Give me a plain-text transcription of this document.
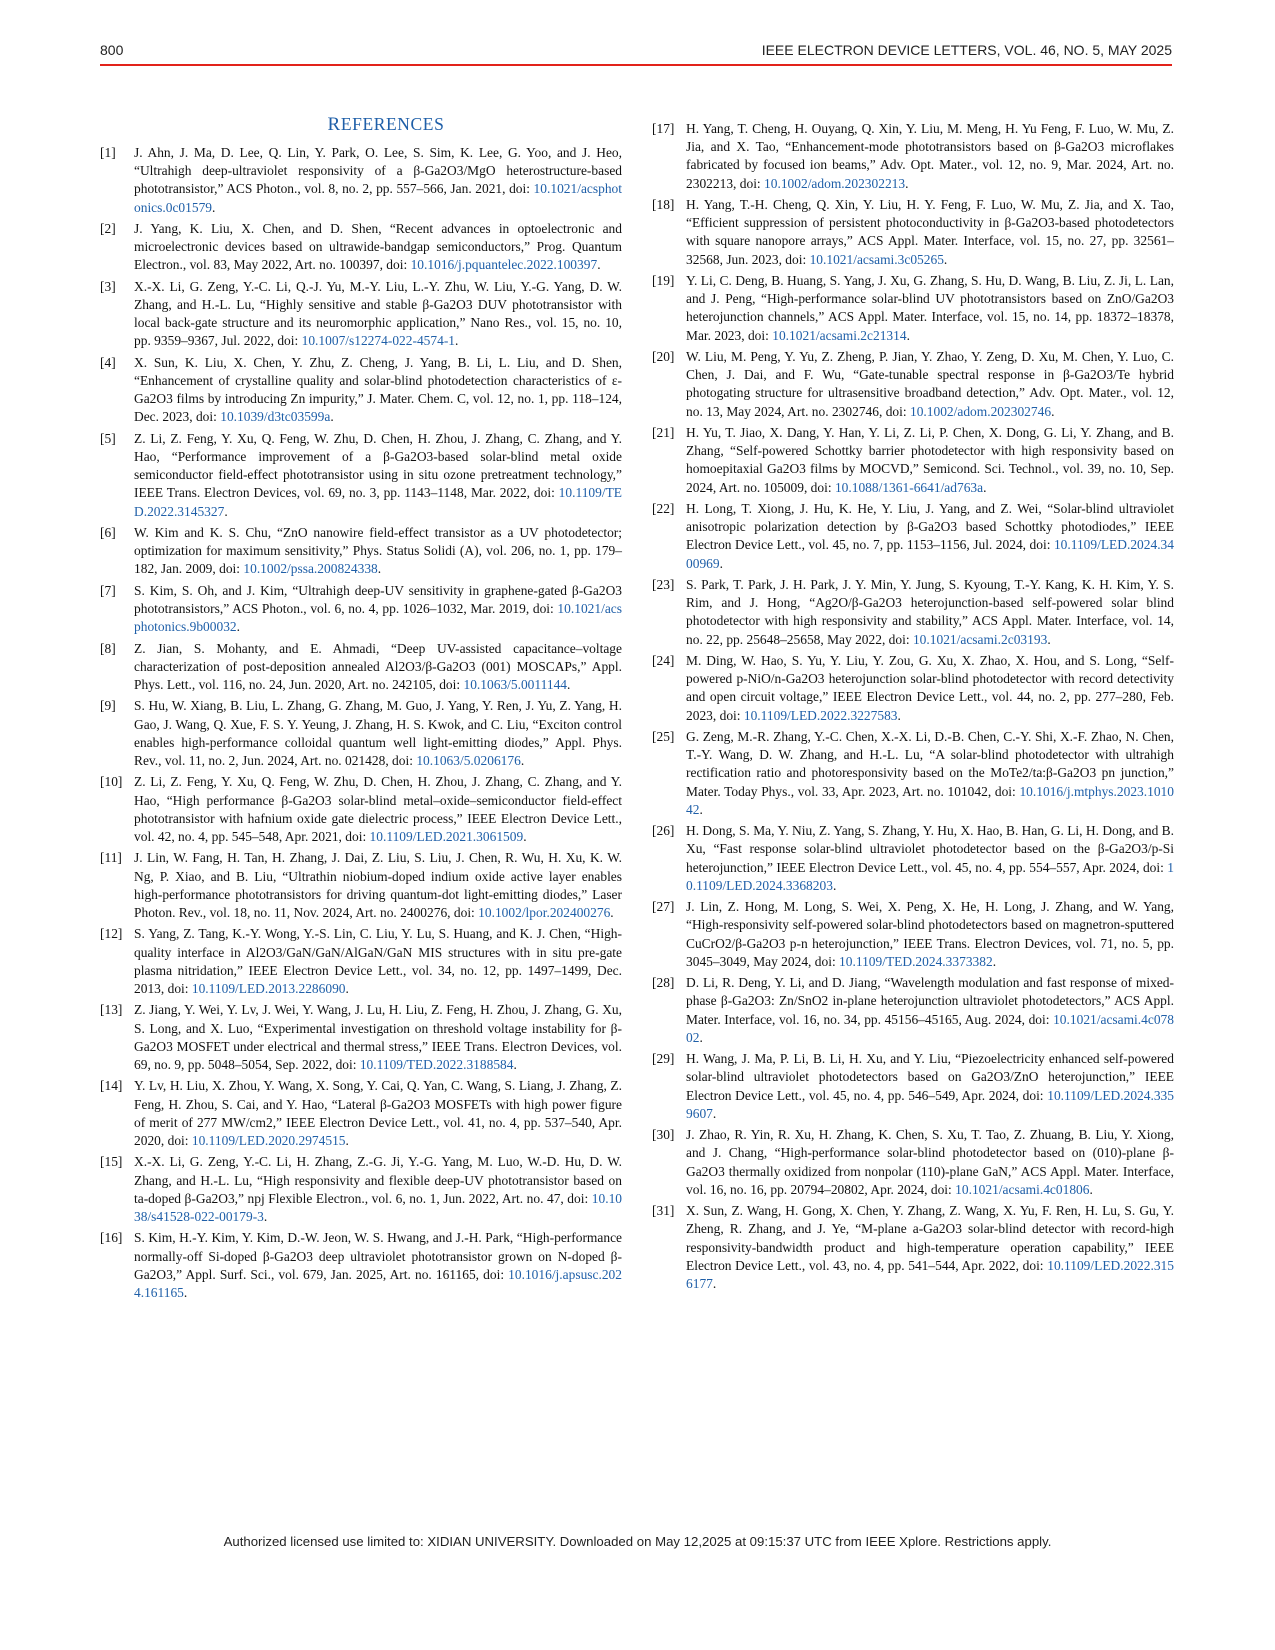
800	IEEE ELECTRON DEVICE LETTERS, VOL. 46, NO. 5, MAY 2025
REFERENCES
[1]	J. Ahn, J. Ma, D. Lee, Q. Lin, Y. Park, O. Lee, S. Sim, K. Lee, G. Yoo, and J. Heo, “Ultrahigh deep-ultraviolet responsivity of a β-Ga2O3/MgO heterostructure-based phototransistor,” ACS Photon., vol. 8, no. 2, pp. 557–566, Jan. 2021, doi: 10.1021/acsphotonics.0c01579.
[2]	J. Yang, K. Liu, X. Chen, and D. Shen, “Recent advances in optoelectronic and microelectronic devices based on ultrawide-bandgap semiconductors,” Prog. Quantum Electron., vol. 83, May 2022, Art. no. 100397, doi: 10.1016/j.pquantelec.2022.100397.
[3]	X.-X. Li, G. Zeng, Y.-C. Li, Q.-J. Yu, M.-Y. Liu, L.-Y. Zhu, W. Liu, Y.-G. Yang, D. W. Zhang, and H.-L. Lu, “Highly sensitive and stable β-Ga2O3 DUV phototransistor with local back-gate structure and its neuromorphic application,” Nano Res., vol. 15, no. 10, pp. 9359–9367, Jul. 2022, doi: 10.1007/s12274-022-4574-1.
[4]	X. Sun, K. Liu, X. Chen, Y. Zhu, Z. Cheng, J. Yang, B. Li, L. Liu, and D. Shen, “Enhancement of crystalline quality and solar-blind photodetection characteristics of ε-Ga2O3 films by introducing Zn impurity,” J. Mater. Chem. C, vol. 12, no. 1, pp. 118–124, Dec. 2023, doi: 10.1039/d3tc03599a.
[5]	Z. Li, Z. Feng, Y. Xu, Q. Feng, W. Zhu, D. Chen, H. Zhou, J. Zhang, C. Zhang, and Y. Hao, “Performance improvement of a β-Ga2O3-based solar-blind metal oxide semiconductor field-effect phototransistor using in situ ozone pretreatment technology,” IEEE Trans. Electron Devices, vol. 69, no. 3, pp. 1143–1148, Mar. 2022, doi: 10.1109/TED.2022.3145327.
[6]	W. Kim and K. S. Chu, “ZnO nanowire field-effect transistor as a UV photodetector; optimization for maximum sensitivity,” Phys. Status Solidi (A), vol. 206, no. 1, pp. 179–182, Jan. 2009, doi: 10.1002/pssa.200824338.
[7]	S. Kim, S. Oh, and J. Kim, “Ultrahigh deep-UV sensitivity in graphene-gated β-Ga2O3 phototransistors,” ACS Photon., vol. 6, no. 4, pp. 1026–1032, Mar. 2019, doi: 10.1021/acsphotonics.9b00032.
[8]	Z. Jian, S. Mohanty, and E. Ahmadi, “Deep UV-assisted capacitance–voltage characterization of post-deposition annealed Al2O3/β-Ga2O3 (001) MOSCAPs,” Appl. Phys. Lett., vol. 116, no. 24, Jun. 2020, Art. no. 242105, doi: 10.1063/5.0011144.
[9]	S. Hu, W. Xiang, B. Liu, L. Zhang, G. Zhang, M. Guo, J. Yang, Y. Ren, J. Yu, Z. Yang, H. Gao, J. Wang, Q. Xue, F. S. Y. Yeung, J. Zhang, H. S. Kwok, and C. Liu, “Exciton control enables high-performance colloidal quantum well light-emitting diodes,” Appl. Phys. Rev., vol. 11, no. 2, Jun. 2024, Art. no. 021428, doi: 10.1063/5.0206176.
[10] Z. Li, Z. Feng, Y. Xu, Q. Feng, W. Zhu, D. Chen, H. Zhou, J. Zhang, C. Zhang, and Y. Hao, “High performance β-Ga2O3 solar-blind metal–oxide–semiconductor field-effect phototransistor with hafnium oxide gate dielectric process,” IEEE Electron Device Lett., vol. 42, no. 4, pp. 545–548, Apr. 2021, doi: 10.1109/LED.2021.3061509.
[11] J. Lin, W. Fang, H. Tan, H. Zhang, J. Dai, Z. Liu, S. Liu, J. Chen, R. Wu, H. Xu, K. W. Ng, P. Xiao, and B. Liu, “Ultrathin niobium-doped indium oxide active layer enables high-performance phototransistors for driving quantum-dot light-emitting diodes,” Laser Photon. Rev., vol. 18, no. 11, Nov. 2024, Art. no. 2400276, doi: 10.1002/lpor.202400276.
[12] S. Yang, Z. Tang, K.-Y. Wong, Y.-S. Lin, C. Liu, Y. Lu, S. Huang, and K. J. Chen, “High-quality interface in Al2O3/GaN/GaN/AlGaN/GaN MIS structures with in situ pre-gate plasma nitridation,” IEEE Electron Device Lett., vol. 34, no. 12, pp. 1497–1499, Dec. 2013, doi: 10.1109/LED.2013.2286090.
[13] Z. Jiang, Y. Wei, Y. Lv, J. Wei, Y. Wang, J. Lu, H. Liu, Z. Feng, H. Zhou, J. Zhang, G. Xu, S. Long, and X. Luo, “Experimental investigation on threshold voltage instability for β-Ga2O3 MOSFET under electrical and thermal stress,” IEEE Trans. Electron Devices, vol. 69, no. 9, pp. 5048–5054, Sep. 2022, doi: 10.1109/TED.2022.3188584.
[14] Y. Lv, H. Liu, X. Zhou, Y. Wang, X. Song, Y. Cai, Q. Yan, C. Wang, S. Liang, J. Zhang, Z. Feng, H. Zhou, S. Cai, and Y. Hao, “Lateral β-Ga2O3 MOSFETs with high power figure of merit of 277 MW/cm2,” IEEE Electron Device Lett., vol. 41, no. 4, pp. 537–540, Apr. 2020, doi: 10.1109/LED.2020.2974515.
[15] X.-X. Li, G. Zeng, Y.-C. Li, H. Zhang, Z.-G. Ji, Y.-G. Yang, M. Luo, W.-D. Hu, D. W. Zhang, and H.-L. Lu, “High responsivity and flexible deep-UV phototransistor based on ta-doped β-Ga2O3,” npj Flexible Electron., vol. 6, no. 1, Jun. 2022, Art. no. 47, doi: 10.1038/s41528-022-00179-3.
[16] S. Kim, H.-Y. Kim, Y. Kim, D.-W. Jeon, W. S. Hwang, and J.-H. Park, “High-performance normally-off Si-doped β-Ga2O3 deep ultraviolet phototransistor grown on N-doped β-Ga2O3,” Appl. Surf. Sci., vol. 679, Jan. 2025, Art. no. 161165, doi: 10.1016/j.apsusc.2024.161165.
[17] H. Yang, T. Cheng, H. Ouyang, Q. Xin, Y. Liu, M. Meng, H. Yu Feng, F. Luo, W. Mu, Z. Jia, and X. Tao, “Enhancement-mode phototransistors based on β-Ga2O3 microflakes fabricated by focused ion beams,” Adv. Opt. Mater., vol. 12, no. 9, Mar. 2024, Art. no. 2302213, doi: 10.1002/adom.202302213.
[18] H. Yang, T.-H. Cheng, Q. Xin, Y. Liu, H. Y. Feng, F. Luo, W. Mu, Z. Jia, and X. Tao, “Efficient suppression of persistent photoconductivity in β-Ga2O3-based photodetectors with square nanopore arrays,” ACS Appl. Mater. Interface, vol. 15, no. 27, pp. 32561–32568, Jun. 2023, doi: 10.1021/acsami.3c05265.
[19] Y. Li, C. Deng, B. Huang, S. Yang, J. Xu, G. Zhang, S. Hu, D. Wang, B. Liu, Z. Ji, L. Lan, and J. Peng, “High-performance solar-blind UV phototransistors based on ZnO/Ga2O3 heterojunction channels,” ACS Appl. Mater. Interface, vol. 15, no. 14, pp. 18372–18378, Mar. 2023, doi: 10.1021/acsami.2c21314.
[20] W. Liu, M. Peng, Y. Yu, Z. Zheng, P. Jian, Y. Zhao, Y. Zeng, D. Xu, M. Chen, Y. Luo, C. Chen, J. Dai, and F. Wu, “Gate-tunable spectral response in β-Ga2O3/Te hybrid photogating structure for ultrasensitive broadband detection,” Adv. Opt. Mater., vol. 12, no. 13, May 2024, Art. no. 2302746, doi: 10.1002/adom.202302746.
[21] H. Yu, T. Jiao, X. Dang, Y. Han, Y. Li, Z. Li, P. Chen, X. Dong, G. Li, Y. Zhang, and B. Zhang, “Self-powered Schottky barrier photodetector with high responsivity based on homoepitaxial Ga2O3 films by MOCVD,” Semicond. Sci. Technol., vol. 39, no. 10, Sep. 2024, Art. no. 105009, doi: 10.1088/1361-6641/ad763a.
[22] H. Long, T. Xiong, J. Hu, K. He, Y. Liu, J. Yang, and Z. Wei, “Solar-blind ultraviolet anisotropic polarization detection by β-Ga2O3 based Schottky photodiodes,” IEEE Electron Device Lett., vol. 45, no. 7, pp. 1153–1156, Jul. 2024, doi: 10.1109/LED.2024.3400969.
[23] S. Park, T. Park, J. H. Park, J. Y. Min, Y. Jung, S. Kyoung, T.-Y. Kang, K. H. Kim, Y. S. Rim, and J. Hong, “Ag2O/β-Ga2O3 heterojunction-based self-powered solar blind photodetector with high responsivity and stability,” ACS Appl. Mater. Interface, vol. 14, no. 22, pp. 25648–25658, May 2022, doi: 10.1021/acsami.2c03193.
[24] M. Ding, W. Hao, S. Yu, Y. Liu, Y. Zou, G. Xu, X. Zhao, X. Hou, and S. Long, “Self-powered p-NiO/n-Ga2O3 heterojunction solar-blind photodetector with record detectivity and open circuit voltage,” IEEE Electron Device Lett., vol. 44, no. 2, pp. 277–280, Feb. 2023, doi: 10.1109/LED.2022.3227583.
[25] G. Zeng, M.-R. Zhang, Y.-C. Chen, X.-X. Li, D.-B. Chen, C.-Y. Shi, X.-F. Zhao, N. Chen, T.-Y. Wang, D. W. Zhang, and H.-L. Lu, “A solar-blind photodetector with ultrahigh rectification ratio and photoresponsivity based on the MoTe2/ta:β-Ga2O3 pn junction,” Mater. Today Phys., vol. 33, Apr. 2023, Art. no. 101042, doi: 10.1016/j.mtphys.2023.101042.
[26] H. Dong, S. Ma, Y. Niu, Z. Yang, S. Zhang, Y. Hu, X. Hao, B. Han, G. Li, H. Dong, and B. Xu, “Fast response solar-blind ultraviolet photodetector based on the β-Ga2O3/p-Si heterojunction,” IEEE Electron Device Lett., vol. 45, no. 4, pp. 554–557, Apr. 2024, doi: 10.1109/LED.2024.3368203.
[27] J. Lin, Z. Hong, M. Long, S. Wei, X. Peng, X. He, H. Long, J. Zhang, and W. Yang, “High-responsivity self-powered solar-blind photodetectors based on magnetron-sputtered CuCrO2/β-Ga2O3 p-n heterojunction,” IEEE Trans. Electron Devices, vol. 71, no. 5, pp. 3045–3049, May 2024, doi: 10.1109/TED.2024.3373382.
[28] D. Li, R. Deng, Y. Li, and D. Jiang, “Wavelength modulation and fast response of mixed-phase β-Ga2O3: Zn/SnO2 in-plane heterojunction ultraviolet photodetectors,” ACS Appl. Mater. Interface, vol. 16, no. 34, pp. 45156–45165, Aug. 2024, doi: 10.1021/acsami.4c07802.
[29] H. Wang, J. Ma, P. Li, B. Li, H. Xu, and Y. Liu, “Piezoelectricity enhanced self-powered solar-blind ultraviolet photodetectors based on Ga2O3/ZnO heterojunction,” IEEE Electron Device Lett., vol. 45, no. 4, pp. 546–549, Apr. 2024, doi: 10.1109/LED.2024.3359607.
[30] J. Zhao, R. Yin, R. Xu, H. Zhang, K. Chen, S. Xu, T. Tao, Z. Zhuang, B. Liu, Y. Xiong, and J. Chang, “High-performance solar-blind photodetector based on (010)-plane β-Ga2O3 thermally oxidized from nonpolar (110)-plane GaN,” ACS Appl. Mater. Interface, vol. 16, no. 16, pp. 20794–20802, Apr. 2024, doi: 10.1021/acsami.4c01806.
[31] X. Sun, Z. Wang, H. Gong, X. Chen, Y. Zhang, Z. Wang, X. Yu, F. Ren, H. Lu, S. Gu, Y. Zheng, R. Zhang, and J. Ye, “M-plane a-Ga2O3 solar-blind detector with record-high responsivity-bandwidth product and high-temperature operation capability,” IEEE Electron Device Lett., vol. 43, no. 4, pp. 541–544, Apr. 2022, doi: 10.1109/LED.2022.3156177.
Authorized licensed use limited to: XIDIAN UNIVERSITY. Downloaded on May 12,2025 at 09:15:37 UTC from IEEE Xplore. Restrictions apply.
